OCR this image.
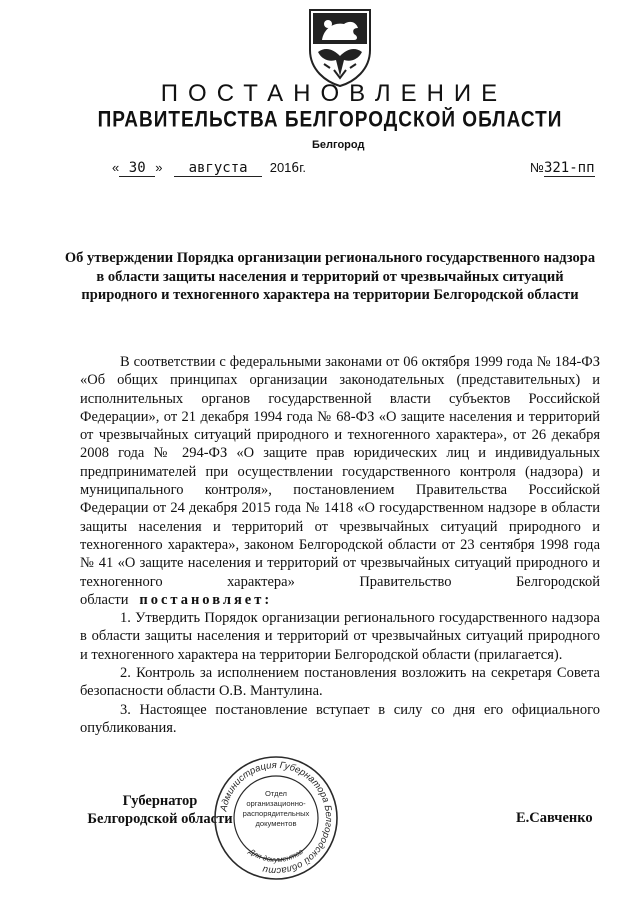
ПОСТАНОВЛЕНИЕ
ПРАВИТЕЛЬСТВА БЕЛГОРОДСКОЙ ОБЛАСТИ
Белгород
« 30 » августа 2016г.	№321-пп
Об утверждении Порядка организации регионального государственного надзора в области защиты населения и территорий от чрезвычайных ситуаций природного и техногенного характера на территории Белгородской области

В соответствии с федеральными законами от 06 октября 1999 года № 184-ФЗ «Об общих принципах организации законодательных (представительных) и исполнительных органов государственной власти субъектов Российской Федерации», от 21 декабря 1994 года № 68-ФЗ «О защите населения и территорий от чрезвычайных ситуаций природного и техногенного характера», от 26 декабря 2008 года № 294-ФЗ «О защите прав юридических лиц и индивидуальных предпринимателей при осуществлении государственного контроля (надзора) и муниципального контроля», постановлением Правительства Российской Федерации от 24 декабря 2015 года № 1418 «О государственном надзоре в области защиты населения и территорий от чрезвычайных ситуаций природного и техногенного характера», законом Белгородской области от 23 сентября 1998 года № 41 «О защите населения и территорий от чрезвычайных ситуаций природного и техногенного характера» Правительство Белгородской области постановляет:

1. Утвердить Порядок организации регионального государственного надзора в области защиты населения и территорий от чрезвычайных ситуаций природного и техногенного характера на территории Белгородской области (прилагается).

2. Контроль за исполнением постановления возложить на секретаря Совета безопасности области О.В. Мантулина.

3. Настоящее постановление вступает в силу со дня его официального опубликования.

Губернатор
Белгородской области
Администрация Губернатора Белгородской области
Отдел
организационно-
распорядительных
документов
Для документов
Е.Савченко
